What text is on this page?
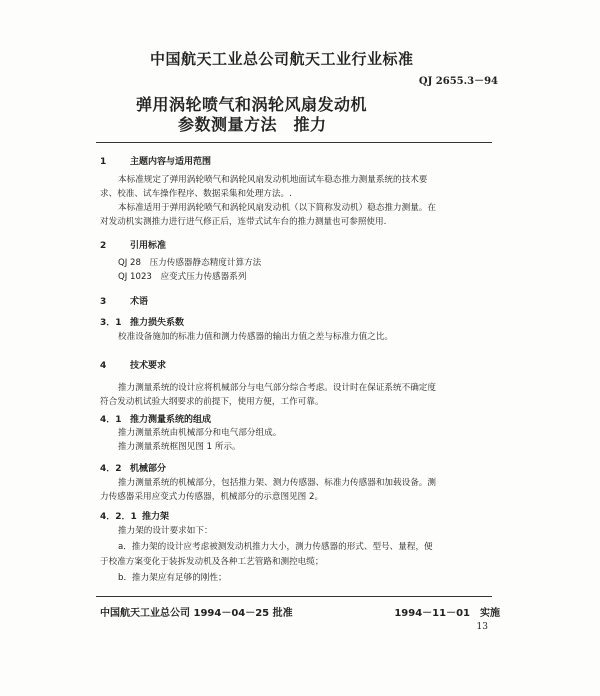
中国航天工业总公司航天工业行业标准
QJ 2655.3－94
弹用涡轮喷气和涡轮风扇发动机
参数测量方法　推力
1	主题内容与适用范围
本标准规定了弹用涡轮喷气和涡轮风扇发动机地面试车稳态推力测量系统的技术要
求、校准、试车操作程序、数据采集和处理方法。.
本标准适用于弹用涡轮喷气和涡轮风扇发动机（以下简称发动机）稳态推力测量。在
对发动机实测推力进行进气修正后，连带式试车台的推力测量也可参照使用.
2	引用标准
QJ 28　压力传感器静态精度计算方法
QJ 1023　应变式压力传感器系列
3	术语
3．1 推力损失系数
校准设备施加的标准力值和测力传感器的输出力值之差与标准力值之比。
4	技术要求
推力测量系统的设计应将机械部分与电气部分综合考虑。设计时在保证系统不确定度
符合发动机试验大纲要求的前提下，使用方便，工作可靠。
4．1 推力测量系统的组成
推力测量系统由机械部分和电气部分组成。
推力测量系统框图见图 1 所示。
4．2 机械部分
推力测量系统的机械部分，包括推力架、测力传感器、标准力传感器和加载设备。测
力传感器采用应变式力传感器，机械部分的示意图见图 2。
4．2．1 推力架
推力架的设计要求如下：
a．推力架的设计应考虑被测发动机推力大小，测力传感器的形式、型号、量程，便
于校准方案变化于装拆发动机及各种工艺管路和测控电缆；
b．推力架应有足够的刚性；
中国航天工业总公司 1994－04－25 批准	1994－11－01　实施
13
